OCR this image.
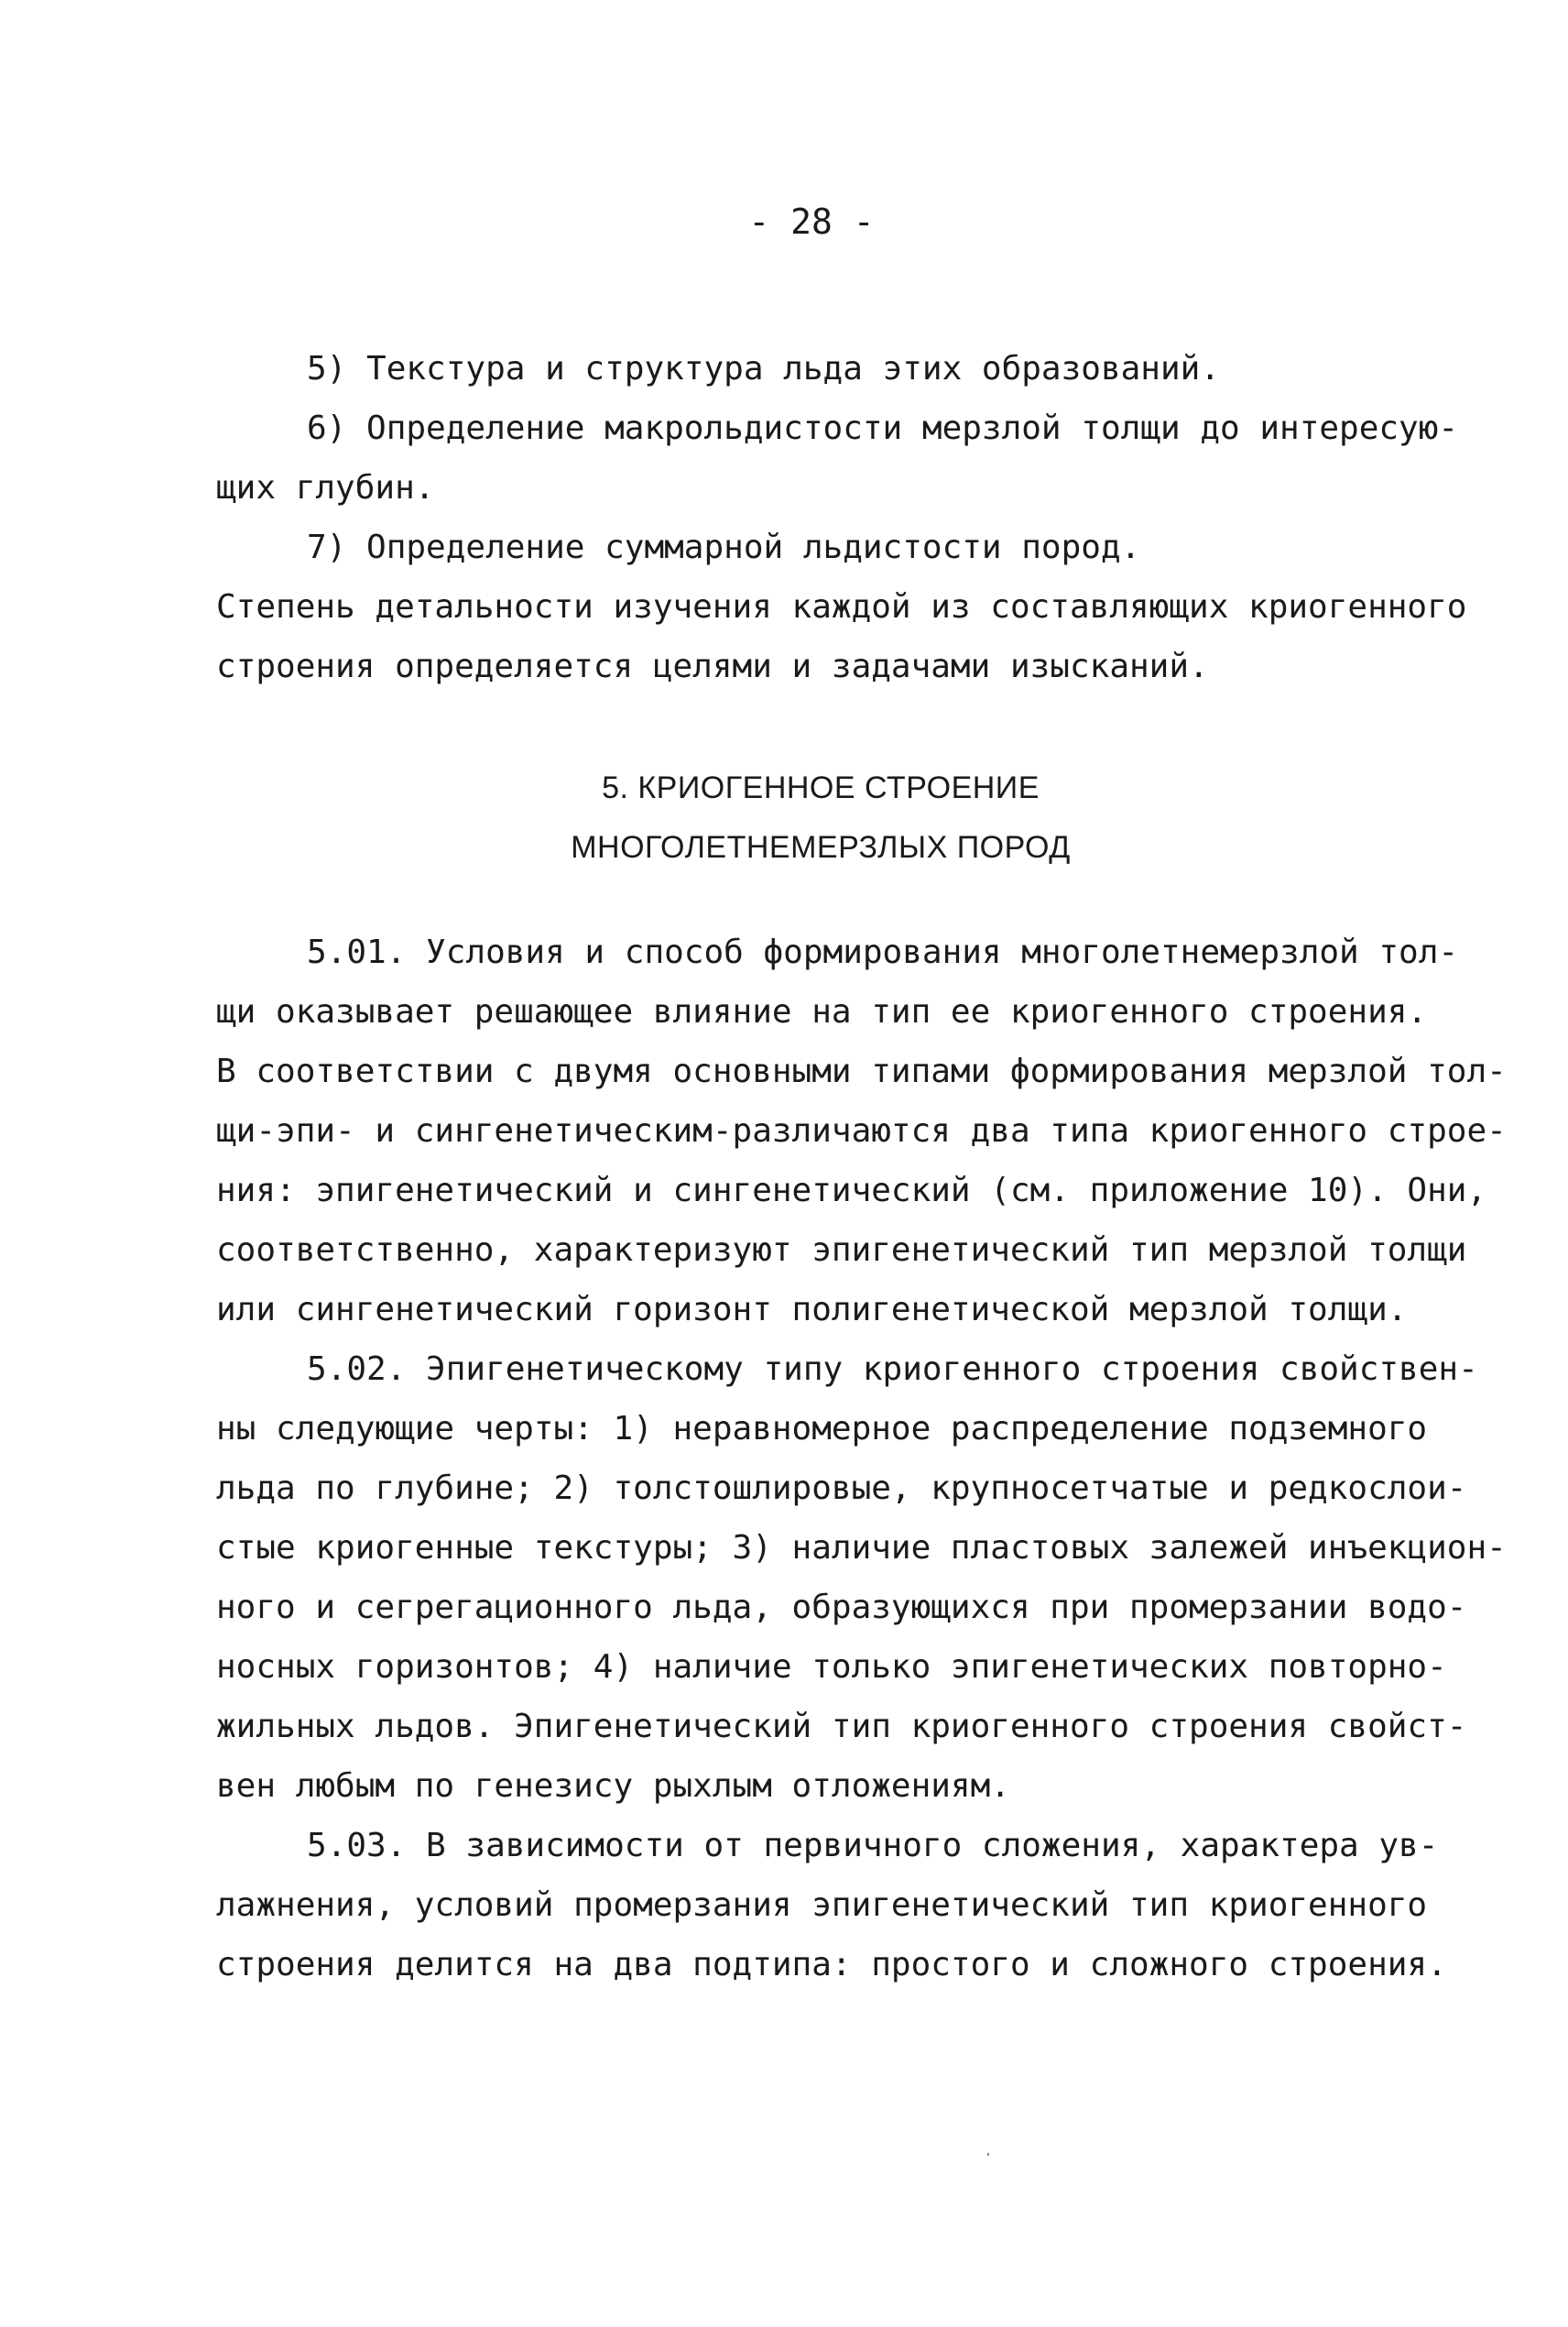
- 28 -
5) Текстура и структура льда этих образований.
6) Определение макрольдистости мерзлой толщи до интересую-
щих глубин.
7) Определение суммарной льдистости пород.
Степень детальности изучения каждой из составляющих криогенного
строения определяется целями и задачами изысканий.
5. КРИОГЕННОЕ СТРОЕНИЕ
МНОГОЛЕТНЕМЕРЗЛЫХ ПОРОД
5.01. Условия и способ формирования многолетнемерзлой тол-
щи оказывает решающее влияние на тип ее криогенного строения.
В соответствии с двумя основными типами формирования мерзлой тол-
щи-эпи- и сингенетическим-различаются два типа криогенного строе-
ния: эпигенетический и сингенетический (см. приложение 10). Они,
соответственно, характеризуют эпигенетический тип мерзлой толщи
или сингенетический горизонт полигенетической мерзлой толщи.
5.02. Эпигенетическому типу криогенного строения свойствен-
ны следующие черты: 1) неравномерное распределение подземного
льда по глубине; 2) толстошлировые, крупносетчатые и редкослои-
стые криогенные текстуры; 3) наличие пластовых залежей инъекцион-
ного и сегрегационного льда, образующихся при промерзании водо-
носных горизонтов; 4) наличие только эпигенетических повторно-
жильных льдов. Эпигенетический тип криогенного строения свойст-
вен любым по генезису рыхлым отложениям.
5.03. В зависимости от первичного сложения, характера ув-
лажнения, условий промерзания эпигенетический тип криогенного
строения делится на два подтипа: простого и сложного строения.
